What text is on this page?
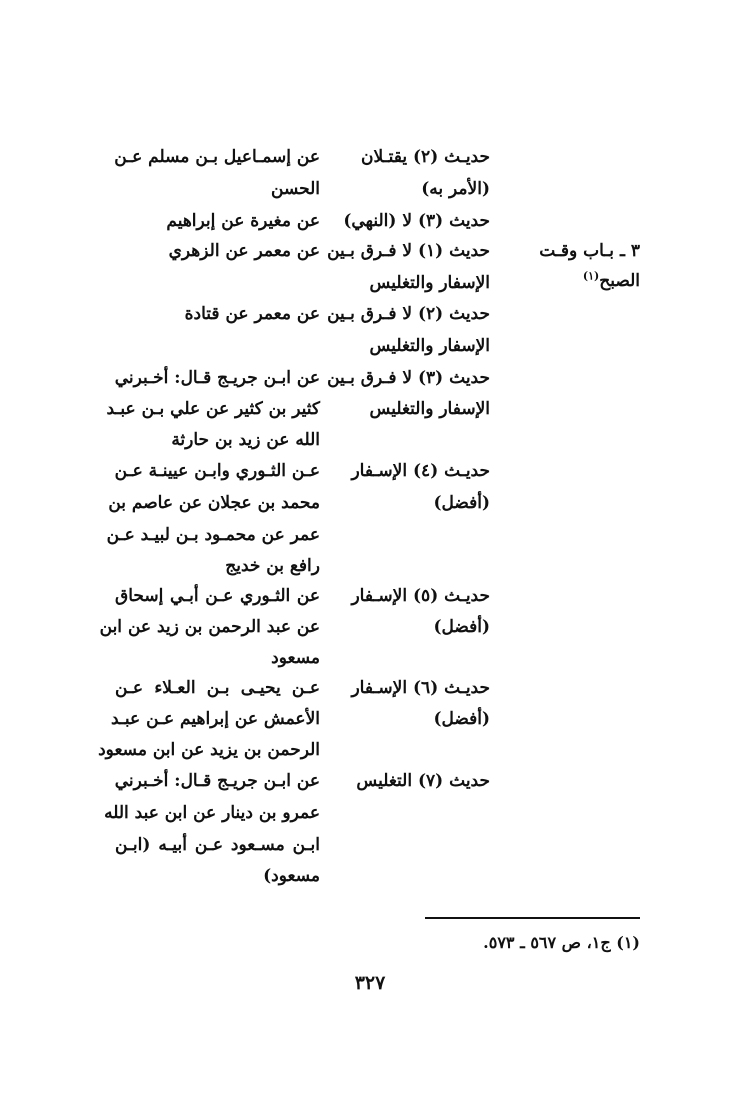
٣ ـ بـاب وقـت
الصبح$^{(١)}$
حديـث (٢) يقتـلان
(الأمر به)
عن إسمـاعيل بـن مسلم عـن
الحسن
حديث (٣) لا (النهي)
عن مغيرة عن إبراهيم
حديث (١) لا فـرق بـين
الإسفار والتغليس
عن معمر عن الزهري
حديث (٢) لا فـرق بـين
الإسفار والتغليس
عن معمر عن قتادة
حديث (٣) لا فـرق بـين
الإسفار والتغليس
عن ابـن جريـج قـال: أخـبرني
كثير بن كثير عن علي بـن عبـد
الله عن زيد بن حارثة
حديـث (٤) الإسـفار
(أفضل)
عـن الثـوري وابـن عيينـة عـن
محمد بن عجلان عن عاصم بن
عمر عن محمـود بـن لبيـد عـن
رافع بن خديج
حديـث (٥) الإسـفار
(أفضل)
عن الثـوري عـن أبـي إسحاق
عن عبد الرحمن بن زيد عن ابن
مسعود
حديـث (٦) الإسـفار
(أفضل)
عـن يحيـى بـن العـلاء عـن
الأعمش عن إبراهيم عـن عبـد
الرحمن بن يزيد عن ابن مسعود
حديث (٧) التغليس
عن ابـن جريـج قـال: أخـبرني
عمرو بن دينار عن ابن عبد الله
ابـن مسـعود عـن أبيـه (ابـن
مسعود)
(١) ج١، ص ٥٦٧ ـ ٥٧٣.
٣٢٧
